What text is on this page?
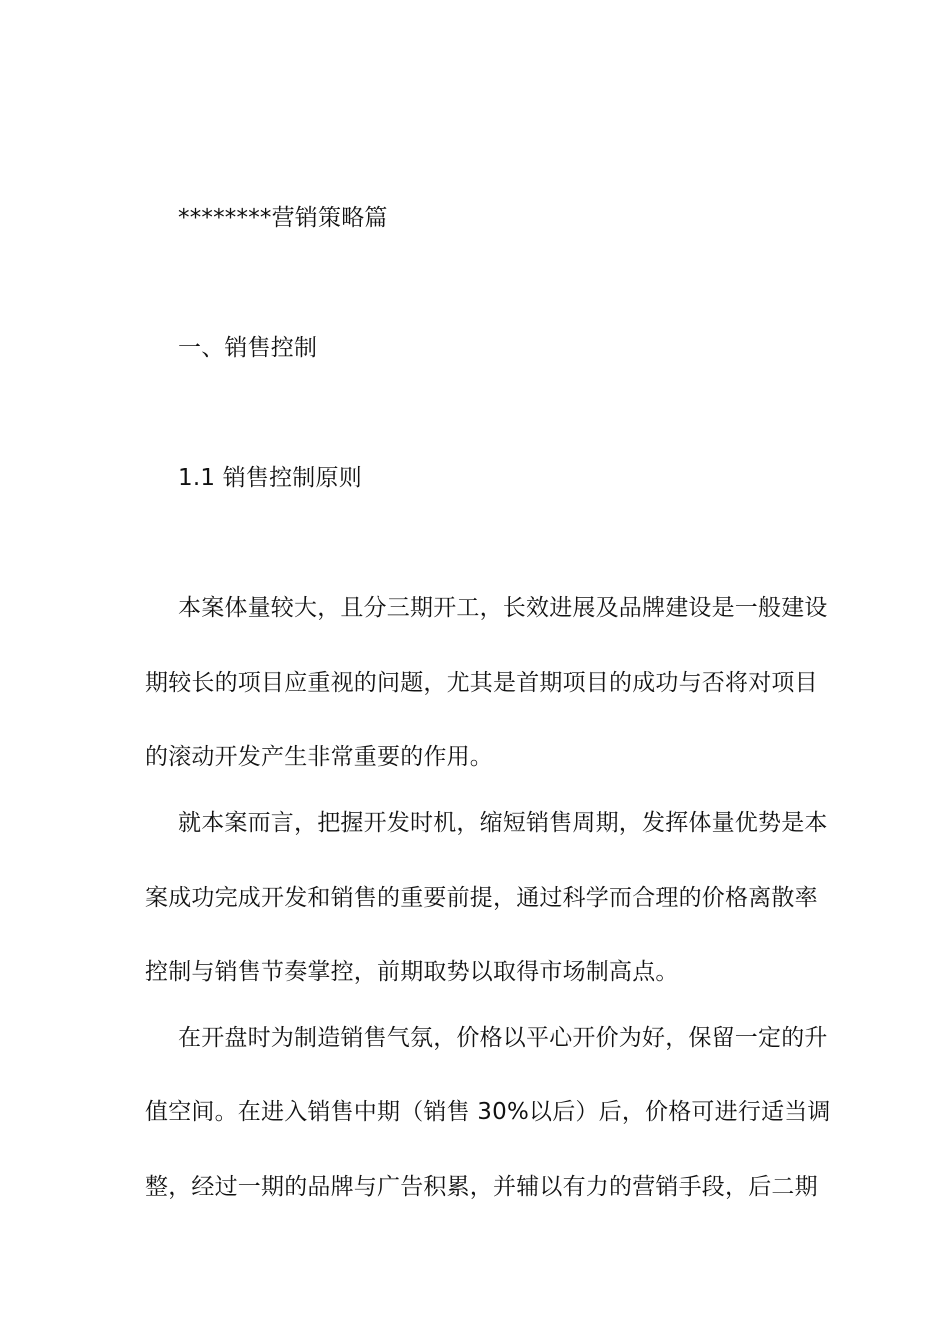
********营销策略篇
一、销售控制
1.1 销售控制原则
本案体量较大，且分三期开工，长效进展及品牌建设是一般建设
期较长的项目应重视的问题，尤其是首期项目的成功与否将对项目
的滚动开发产生非常重要的作用。
就本案而言，把握开发时机，缩短销售周期，发挥体量优势是本
案成功完成开发和销售的重要前提，通过科学而合理的价格离散率
控制与销售节奏掌控，前期取势以取得市场制高点。
在开盘时为制造销售气氛，价格以平心开价为好，保留一定的升
值空间。在进入销售中期（销售 30%以后）后，价格可进行适当调
整，经过一期的品牌与广告积累，并辅以有力的营销手段，后二期
